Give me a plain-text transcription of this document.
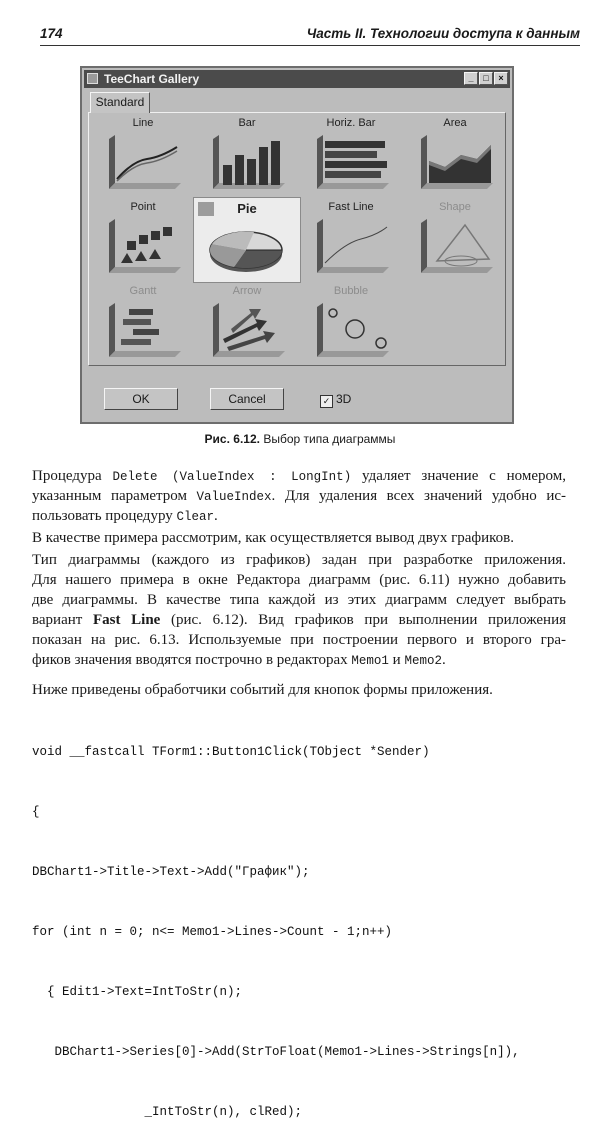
174	Часть II. Технологии доступа к данным
TeeChart Gallery	_	□	×
Standard
Line	Bar	Horiz. Bar	Area
Point	Pie	Fast Line	Shape
Gantt	Arrow	Bubble
OK	Cancel	✓ 3D
Рис. 6.12. Выбор типа диаграммы
Процедура Delete (ValueIndex : LongInt) удаляет значение с номером,
указанным параметром ValueIndex. Для удаления всех значений удобно ис-
пользовать процедуру Clear.
В качестве примера рассмотрим, как осуществляется вывод двух графиков.
Тип диаграммы (каждого из графиков) задан при разработке приложения.
Для нашего примера в окне Редактора диаграмм (рис. 6.11) нужно добавить
две диаграммы. В качестве типа каждой из этих диаграмм следует выбрать
вариант Fast Line (рис. 6.12). Вид графиков при выполнении приложения
показан на рис. 6.13. Используемые при построении первого и второго гра-
фиков значения вводятся построчно в редакторах Memo1 и Memo2.
Ниже приведены обработчики событий для кнопок формы приложения.

void __fastcall TForm1::Button1Click(TObject *Sender)

{

DBChart1->Title->Text->Add("График");

for (int n = 0; n<= Memo1->Lines->Count - 1;n++)

{ Edit1->Text=IntToStr(n);

DBChart1->Series[0]->Add(StrToFloat(Memo1->Lines->Strings[n]),

_IntToStr(n), clRed);
